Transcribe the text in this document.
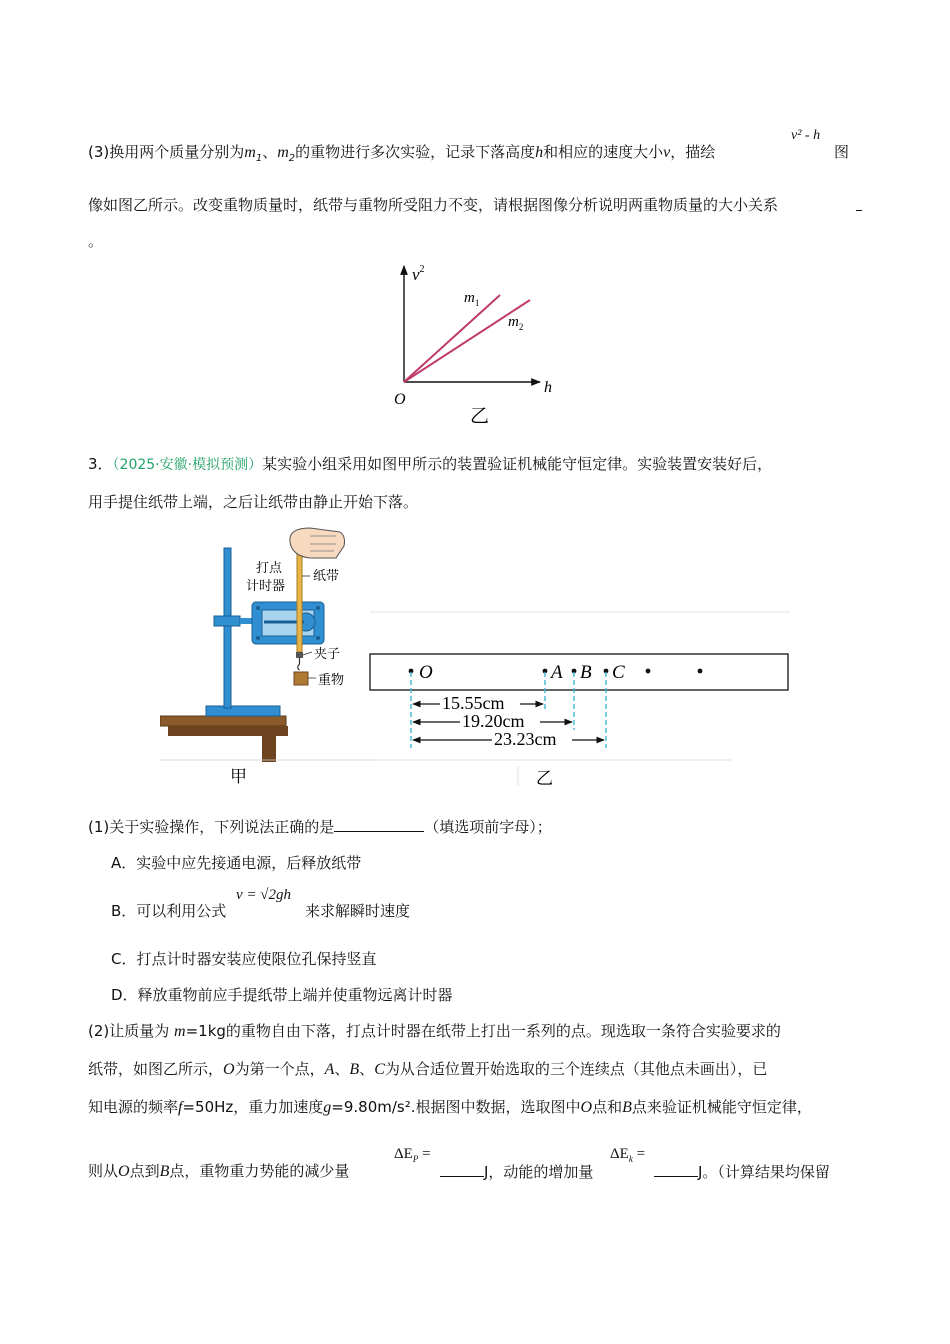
(3)换用两个质量分别为$m_1$、$m_2$的重物进行多次实验，记录下落高度h和相应的速度大小v，描绘
v² - h
图
像如图乙所示。改变重物质量时，纸带与重物所受阻力不变，请根据图像分析说明两重物质量的大小关系
。
$v^2$
h
O
$m_1$
$m_2$
乙
3．（2025·安徽·模拟预测）某实验小组采用如图甲所示的装置验证机械能守恒定律。实验装置安装好后，
用手提住纸带上端，之后让纸带由静止开始下落。
打点
计时器
纸带
夹子
重物
甲
O	A B C
15.55cm
19.20cm
23.23cm
乙
(1)关于实验操作，下列说法正确的是	（填选项前字母）；
A．实验中应先接通电源，后释放纸带
B．可以利用公式
v = √2gh
来求解瞬时速度
C．打点计时器安装应使限位孔保持竖直
D．释放重物前应手提纸带上端并使重物远离计时器
(2)让质量为 m=1kg的重物自由下落，打点计时器在纸带上打出一系列的点。现选取一条符合实验要求的
纸带，如图乙所示，O为第一个点，A、B、C为从合适位置开始选取的三个连续点（其他点未画出），已
知电源的频率f=50Hz，重力加速度g=9.80m/s².根据图中数据，选取图中O点和B点来验证机械能守恒定律，
则从O点到B点，重物重力势能的减少量
$\Delta E_P$ =
J，动能的增加量
$\Delta E_k$ =
J。（计算结果均保留
